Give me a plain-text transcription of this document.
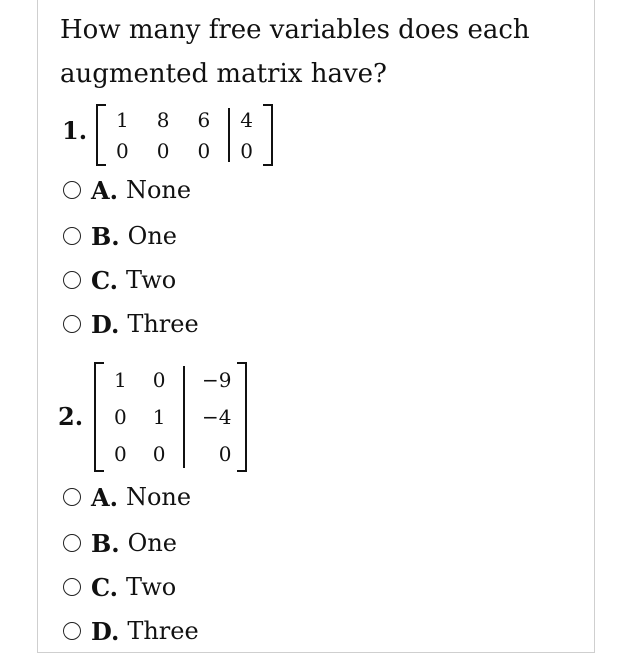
How many free variables does each augmented matrix have?
1. 1
0
8
0
6
0
4
0
A. None
B. One
C. Two
D. Three
2.
1
0
0
0
1
0
−9
−4
0
A. None
B. One
C. Two
D. Three
